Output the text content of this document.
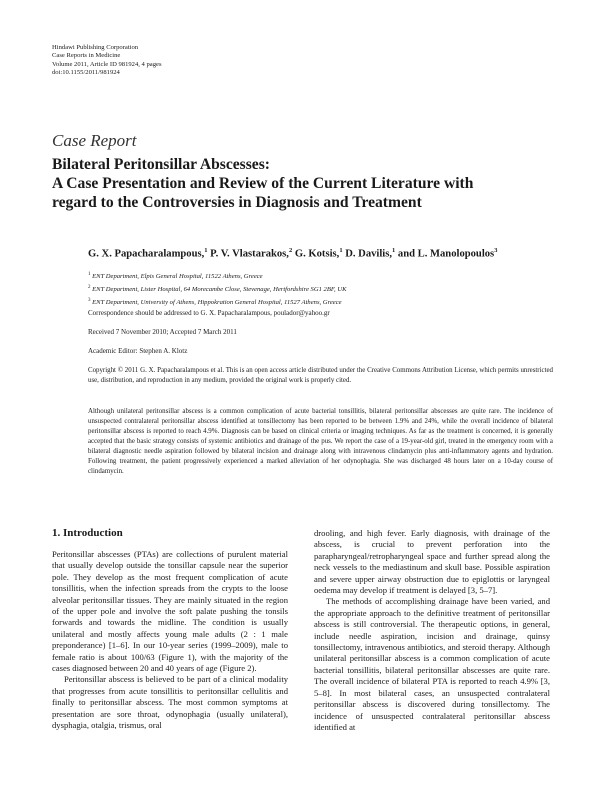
Hindawi Publishing Corporation
Case Reports in Medicine
Volume 2011, Article ID 981924, 4 pages
doi:10.1155/2011/981924
Case Report
Bilateral Peritonsillar Abscesses:
A Case Presentation and Review of the Current Literature with
regard to the Controversies in Diagnosis and Treatment
G. X. Papacharalampous,$^1$ P. V. Vlastarakos,$^2$ G. Kotsis,$^1$ D. Davilis,$^1$ and L. Manolopoulos$^3$
$^1$ ENT Department, Elpis General Hospital, 11522 Athens, Greece
$^2$ ENT Department, Lister Hospital, 64 Morecambe Close, Stevenage, Hertfordshire SG1 2BF, UK
$^3$ ENT Department, University of Athens, Hippokration General Hospital, 11527 Athens, Greece
Correspondence should be addressed to G. X. Papacharalampous, poulador@yahoo.gr
Received 7 November 2010; Accepted 7 March 2011
Academic Editor: Stephen A. Klotz
Copyright © 2011 G. X. Papacharalampous et al. This is an open access article distributed under the Creative Commons Attribution License, which permits unrestricted use, distribution, and reproduction in any medium, provided the original work is properly cited.
Although unilateral peritonsillar abscess is a common complication of acute bacterial tonsillitis, bilateral peritonsillar abscesses are quite rare. The incidence of unsuspected contralateral peritonsillar abscess identified at tonsillectomy has been reported to be between 1.9% and 24%, while the overall incidence of bilateral peritonsillar abscess is reported to reach 4.9%. Diagnosis can be based on clinical criteria or imaging techniques. As far as the treatment is concerned, it is generally accepted that the basic strategy consists of systemic antibiotics and drainage of the pus. We report the case of a 19-year-old girl, treated in the emergency room with a bilateral diagnostic needle aspiration followed by bilateral incision and drainage along with intravenous clindamycin plus anti-inflammatory agents and hydration. Following treatment, the patient progressively experienced a marked alleviation of her odynophagia. She was discharged 48 hours later on a 10-day course of clindamycin.
1. Introduction

Peritonsillar abscesses (PTAs) are collections of purulent material that usually develop outside the tonsillar capsule near the superior pole. They develop as the most frequent complication of acute tonsillitis, when the infection spreads from the crypts to the loose alveolar peritonsillar tissues. They are mainly situated in the region of the upper pole and involve the soft palate pushing the tonsils forwards and towards the midline. The condition is usually unilateral and mostly affects young male adults (2 : 1 male preponderance) [1–6]. In our 10-year series (1999–2009), male to female ratio is about 100/63 (Figure 1), with the majority of the cases diagnosed between 20 and 40 years of age (Figure 2).

Peritonsillar abscess is believed to be part of a clinical modality that progresses from acute tonsillitis to peritonsillar cellulitis and finally to peritonsillar abscess. The most common symptoms at presentation are sore throat, odynophagia (usually unilateral), dysphagia, otalgia, trismus, oral

drooling, and high fever. Early diagnosis, with drainage of the abscess, is crucial to prevent perforation into the parapharyngeal/retropharyngeal space and further spread along the neck vessels to the mediastinum and skull base. Possible aspiration and severe upper airway obstruction due to epiglottis or laryngeal oedema may develop if treatment is delayed [3, 5–7].

The methods of accomplishing drainage have been varied, and the appropriate approach to the definitive treatment of peritonsillar abscess is still controversial. The therapeutic options, in general, include needle aspiration, incision and drainage, quinsy tonsillectomy, intravenous antibiotics, and steroid therapy. Although unilateral peritonsillar abscess is a common complication of acute bacterial tonsillitis, bilateral peritonsillar abscesses are quite rare. The overall incidence of bilateral PTA is reported to reach 4.9% [3, 5–8]. In most bilateral cases, an unsuspected contralateral peritonsillar abscess is discovered during tonsillectomy. The incidence of unsuspected contralateral peritonsillar abscess identified at
